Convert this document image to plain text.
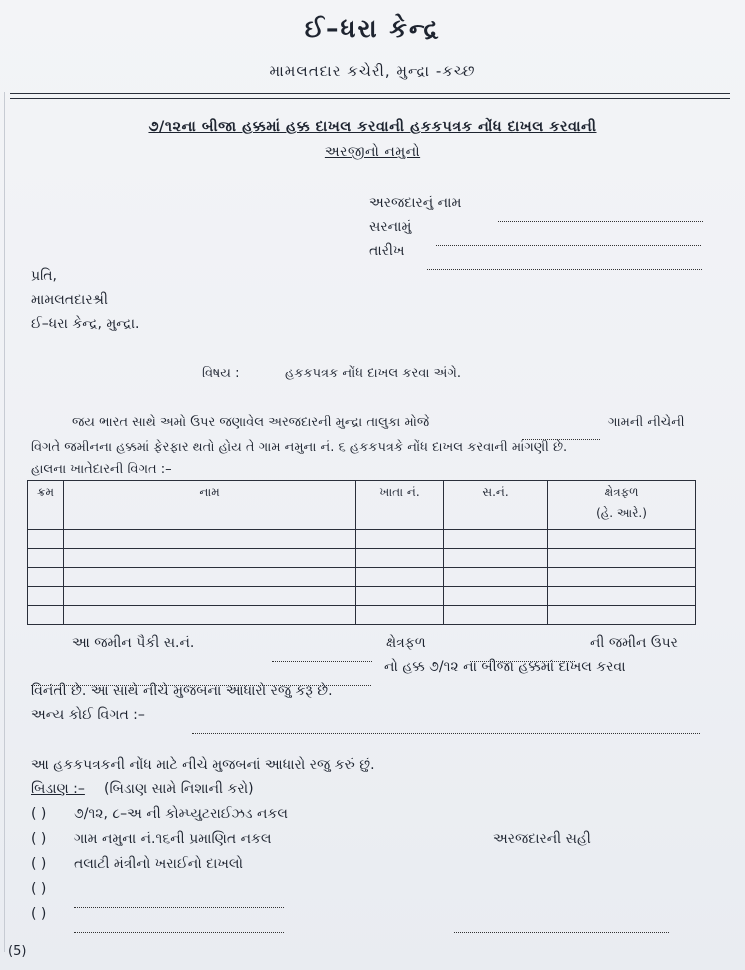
ઈ–ધરા કેન્દ્ર
મામલતદાર કચેરી, મુન્દ્રા -કચ્છ
૭/૧૨ના બીજા હક્કમાં હક્ક દાખલ કરવાની હકકપત્રક નોંધ દાખલ કરવાની
અરજીનો નમુનો
અરજદારનું નામ
સરનામું
તારીખ
પ્રતિ,
મામલતદારશ્રી
ઈ–ધરા કેન્દ્ર, મુન્દ્રા.
વિષય :	હકકપત્રક નોંધ દાખલ કરવા અંગે.
જય ભારત સાથે અમો ઉપર જણાવેલ અરજદારની મુન્દ્રા તાલુકા મોજે	ગામની નીચેની
વિગતે જમીનના હક્કમાં ફેરફાર થતો હોય તે ગામ નમુના નં. ૬ હકકપત્રકે નોંધ દાખલ કરવાની માંગણી છે.
હાલના ખાતેદારની વિગત :–
ક્રમ	નામ	ખાતા નં.	સ.નં.	ક્ષેત્રફળ
(હે. આરે.)

આ જમીન પૈકી સ.નં.	ક્ષેત્રફળ	ની જમીન ઉપર
નો હક્ક ૭/૧૨ ના બીજા હક્કમાં દાખલ કરવા
વિનંતી છે. આ સાથે નીચે મુજબના આધારો રજુ કરૂ છે.
અન્ય કોઈ વિગત :–
આ હકકપત્રકની નોંધ માટે નીચે મુજબનાં આધારો રજુ કરું છું.
બિડાણ :– (બિડાણ સામે નિશાની કરો)
( ) ૭/૧૨, ૮–અ ની કોમ્પ્યુટરાઈઝડ નકલ
( ) ગામ નમુના નં.૧૬ની પ્રમાણિત નકલ	અરજદારની સહી
( ) તલાટી મંત્રીનો ખરાઈનો દાખલો
( )
( )
(5)
